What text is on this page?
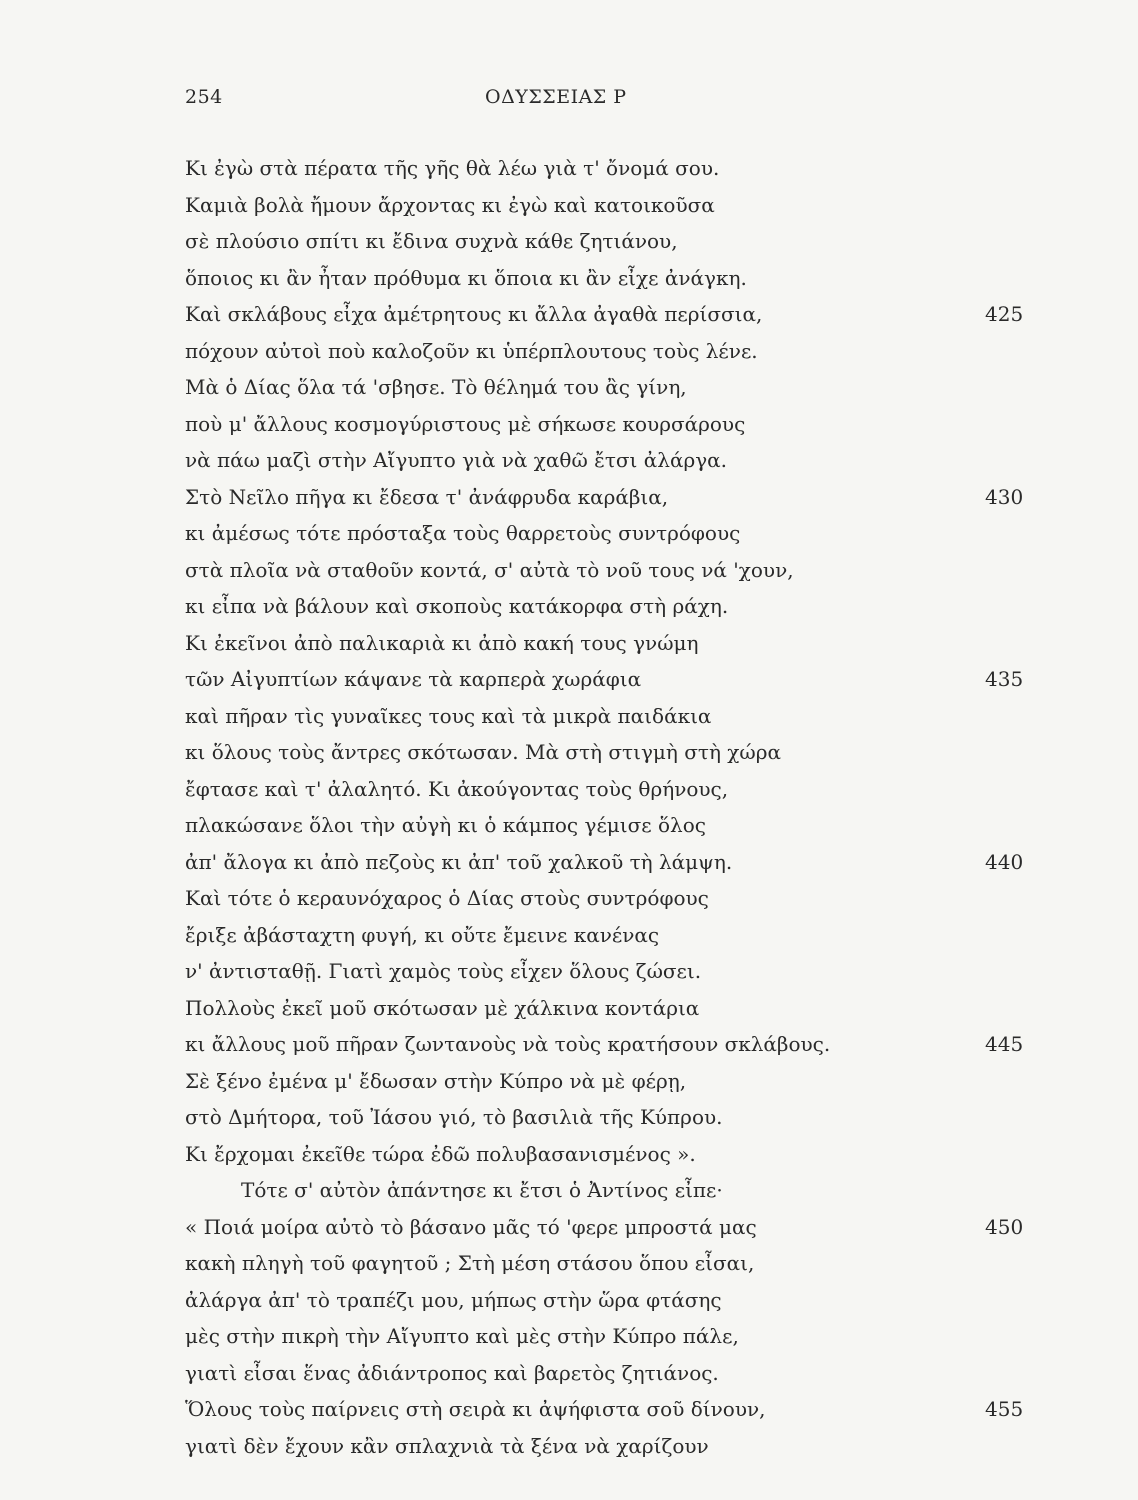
254	ΟΔΥΣΣΕΙΑΣ Ρ
Κι ἐγὼ στὰ πέρατα τῆς γῆς θὰ λέω γιὰ τ' ὄνομά σου.
Καμιὰ βολὰ ἤμουν ἄρχοντας κι ἐγὼ καὶ κατοικοῦσα
σὲ πλούσιο σπίτι κι ἔδινα συχνὰ κάθε ζητιάνου,
ὅποιος κι ἂν ἦταν πρόθυμα κι ὅποια κι ἂν εἶχε ἀνάγκη.
Καὶ σκλάβους εἶχα ἀμέτρητους κι ἄλλα ἀγαθὰ περίσσια,	425
πόχουν αὐτοὶ ποὺ καλοζοῦν κι ὑπέρπλουτους τοὺς λένε.
Μὰ ὁ Δίας ὅλα τά 'σβησε. Τὸ θέλημά του ἂς γίνη,
ποὺ μ' ἄλλους κοσμογύριστους μὲ σήκωσε κουρσάρους
νὰ πάω μαζὶ στὴν Αἴγυπτο γιὰ νὰ χαθῶ ἔτσι ἀλάργα.
Στὸ Νεῖλο πῆγα κι ἔδεσα τ' ἀνάφρυδα καράβια,	430
κι ἀμέσως τότε πρόσταξα τοὺς θαρρετοὺς συντρόφους
στὰ πλοῖα νὰ σταθοῦν κοντά, σ' αὐτὰ τὸ νοῦ τους νά 'χουν,
κι εἶπα νὰ βάλουν καὶ σκοποὺς κατάκορφα στὴ ράχη.
Κι ἐκεῖνοι ἀπὸ παλικαριὰ κι ἀπὸ κακή τους γνώμη
τῶν Αἰγυπτίων κάψανε τὰ καρπερὰ χωράφια	435
καὶ πῆραν τὶς γυναῖκες τους καὶ τὰ μικρὰ παιδάκια
κι ὅλους τοὺς ἄντρες σκότωσαν. Μὰ στὴ στιγμὴ στὴ χώρα
ἔφτασε καὶ τ' ἀλαλητό. Κι ἀκούγοντας τοὺς θρήνους,
πλακώσανε ὅλοι τὴν αὐγὴ κι ὁ κάμπος γέμισε ὅλος
ἀπ' ἄλογα κι ἀπὸ πεζοὺς κι ἀπ' τοῦ χαλκοῦ τὴ λάμψη.	440
Καὶ τότε ὁ κεραυνόχαρος ὁ Δίας στοὺς συντρόφους
ἔριξε ἀβάσταχτη φυγή, κι οὔτε ἔμεινε κανένας
ν' ἀντισταθῇ. Γιατὶ χαμὸς τοὺς εἶχεν ὅλους ζώσει.
Πολλοὺς ἐκεῖ μοῦ σκότωσαν μὲ χάλκινα κοντάρια
κι ἄλλους μοῦ πῆραν ζωντανοὺς νὰ τοὺς κρατήσουν σκλάβους.	445
Σὲ ξένο ἐμένα μ' ἔδωσαν στὴν Κύπρο νὰ μὲ φέρῃ,
στὸ Δμήτορα, τοῦ Ἰάσου γιό, τὸ βασιλιὰ τῆς Κύπρου.
Κι ἔρχομαι ἐκεῖθε τώρα ἐδῶ πολυβασανισμένος ».
Τότε σ' αὐτὸν ἀπάντησε κι ἔτσι ὁ Ἀντίνος εἶπε·
« Ποιά μοίρα αὐτὸ τὸ βάσανο μᾶς τό 'φερε μπροστά μας	450
κακὴ πληγὴ τοῦ φαγητοῦ ; Στὴ μέση στάσου ὅπου εἶσαι,
ἀλάργα ἀπ' τὸ τραπέζι μου, μήπως στὴν ὥρα φτάσης
μὲς στὴν πικρὴ τὴν Αἴγυπτο καὶ μὲς στὴν Κύπρο πάλε,
γιατὶ εἶσαι ἕνας ἀδιάντροπος καὶ βαρετὸς ζητιάνος.
Ὅλους τοὺς παίρνεις στὴ σειρὰ κι ἀψήφιστα σοῦ δίνουν,	455
γιατὶ δὲν ἔχουν κἂν σπλαχνιὰ τὰ ξένα νὰ χαρίζουν
